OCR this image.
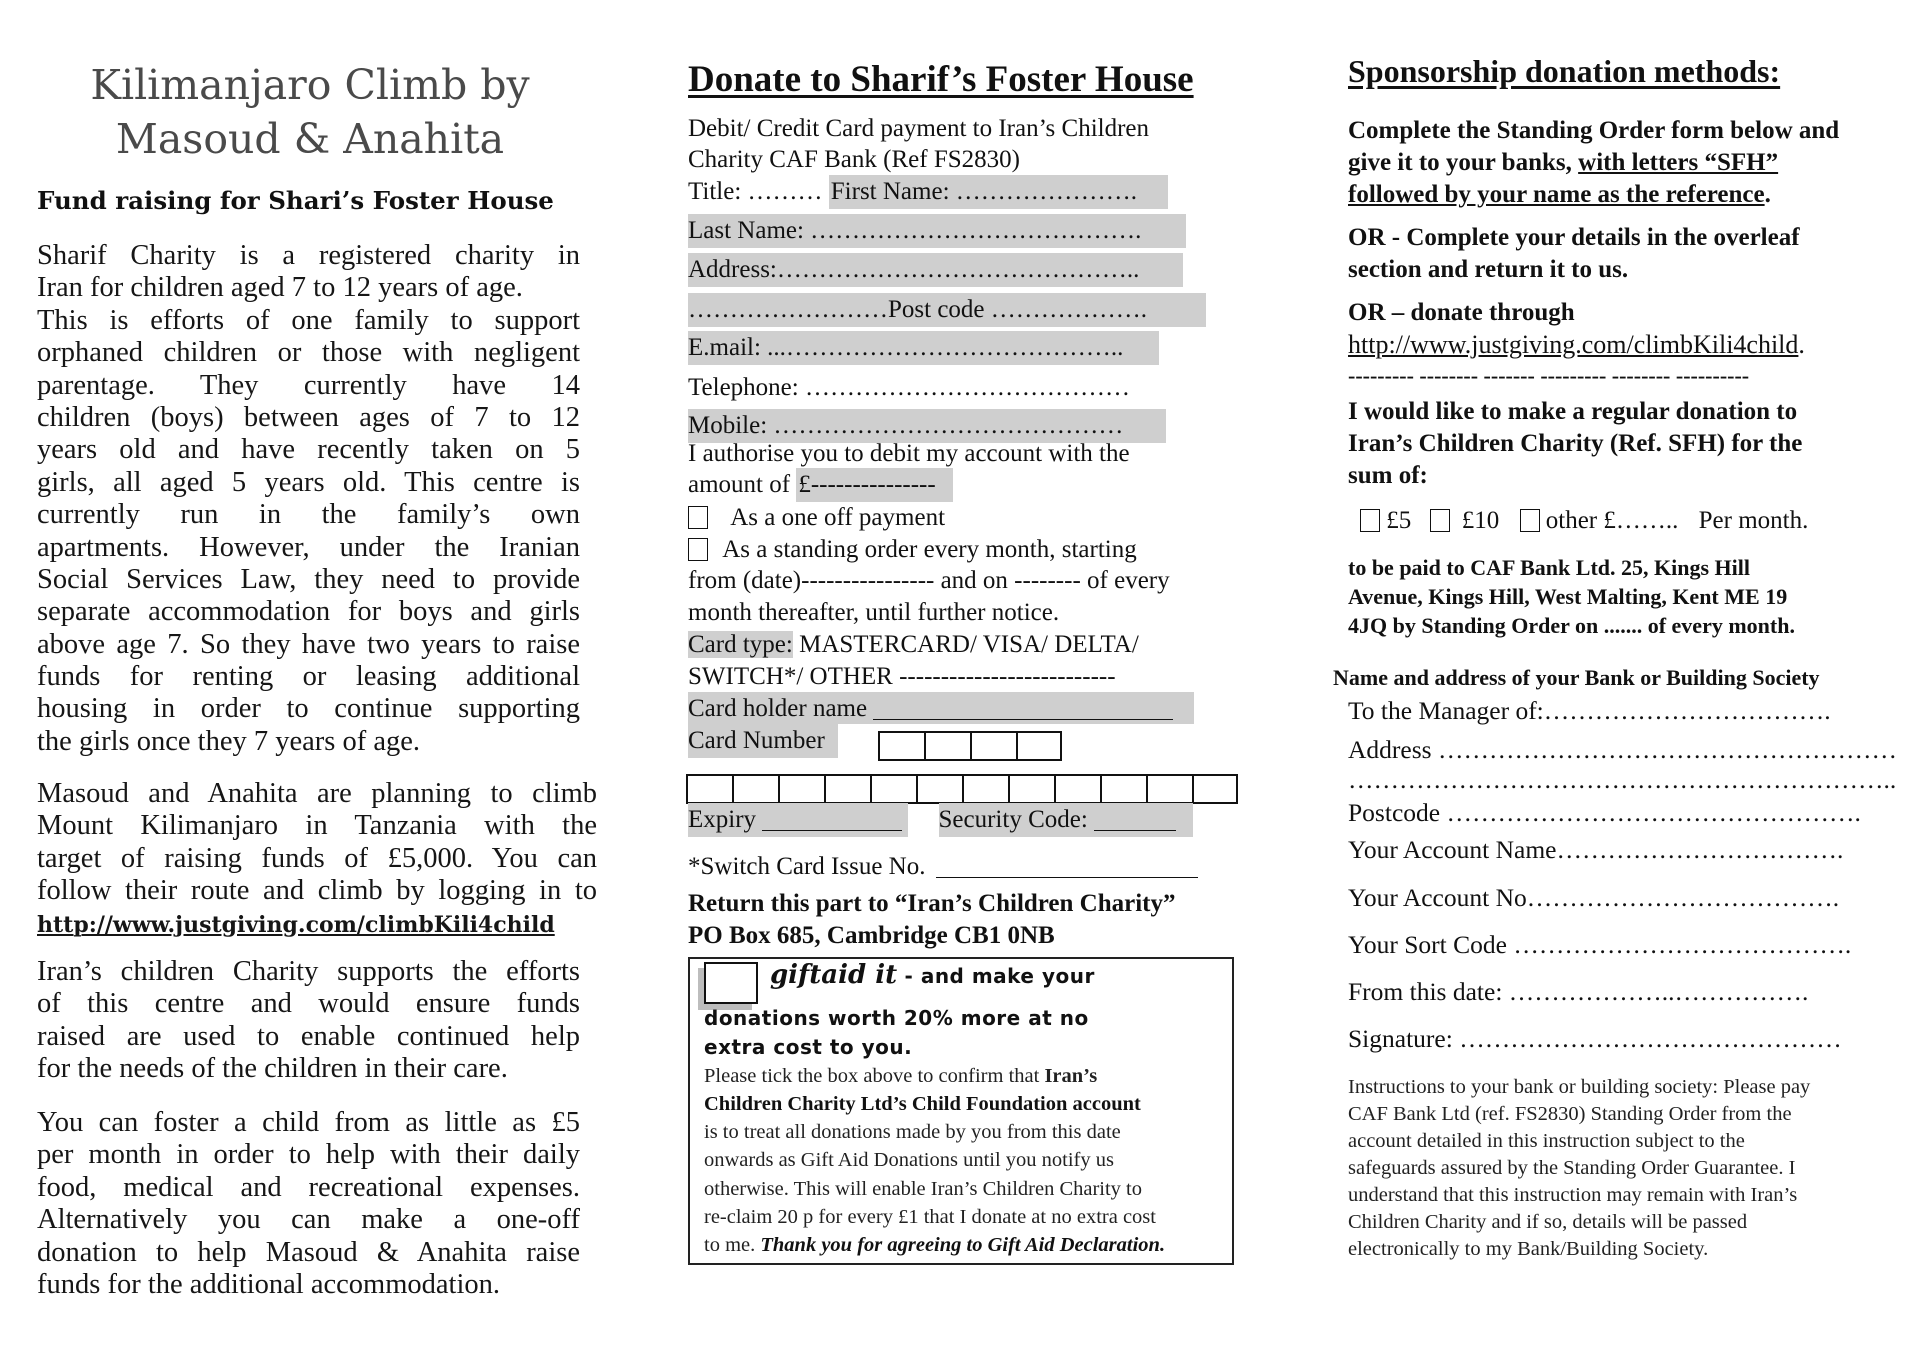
Kilimanjaro Climb by
Masoud & Anahita
Fund raising for Shari’s Foster House
Sharif Charity is a registered charity in
Iran for children aged 7 to 12 years of age.
This is efforts of one family to support
orphaned children or those with negligent
parentage. They currently have 14
children (boys) between ages of 7 to 12
years old and have recently taken on 5
girls, all aged 5 years old. This centre is
currently run in the family’s own
apartments. However, under the Iranian
Social Services Law, they need to provide
separate accommodation for boys and girls
above age 7. So they have two years to raise
funds for renting or leasing additional
housing in order to continue supporting
the girls once they 7 years of age.
Masoud and Anahita are planning to climb
Mount Kilimanjaro in Tanzania with the
target of raising funds of £5,000. You can
follow their route and climb by logging in to
http://www.justgiving.com/climbKili4child
Iran’s children Charity supports the efforts
of this centre and would ensure funds
raised are used to enable continued help
for the needs of the children in their care.
You can foster a child from as little as £5
per month in order to help with their daily
food, medical and recreational expenses.
Alternatively you can make a one-off
donation to help Masoud & Anahita raise
funds for the additional accommodation.
Donate to Sharif’s Foster House
Debit/ Credit Card payment to Iran’s Children
Charity CAF Bank (Ref FS2830)
Title: ……… First Name: ………………….
Last Name: ………………………………….
Address:……………………………………..
……………………Post code ……………….
E.mail: ...…………………………………..
Telephone: …………………………………
Mobile: ……………………………………
I authorise you to debit my account with the
amount of £---------------
As a one off payment
As a standing order every month, starting
from (date)---------------- and on -------- of every
month thereafter, until further notice.
Card type: MASTERCARD/ VISA/ DELTA/
SWITCH*/ OTHER --------------------------
Card holder name
Card Number
Expiry	Security Code:
*Switch Card Issue No.
Return this part to “Iran’s Children Charity”
PO Box 685, Cambridge CB1 0NB
giftaid it - and make your
donations worth 20% more at no
extra cost to you.
Please tick the box above to confirm that Iran’s
Children Charity Ltd’s Child Foundation account
is to treat all donations made by you from this date
onwards as Gift Aid Donations until you notify us
otherwise. This will enable Iran’s Children Charity to
re-claim 20 p for every £1 that I donate at no extra cost
to me. Thank you for agreeing to Gift Aid Declaration.
Sponsorship donation methods:
Complete the Standing Order form below and
give it to your banks, with letters “SFH”
followed by your name as the reference.
OR - Complete your details in the overleaf
section and return it to us.
OR – donate through
http://www.justgiving.com/climbKili4child.
--------- -------- ------- --------- -------- ----------
I would like to make a regular donation to
Iran’s Children Charity (Ref. SFH) for the
sum of:
£5 £10 other £…….. Per month.
to be paid to CAF Bank Ltd. 25, Kings Hill
Avenue, Kings Hill, West Malting, Kent ME 19
4JQ by Standing Order on ....... of every month.
Name and address of your Bank or Building Society
To the Manager of:…………………………….
Address ………………………………………………
………………………………………………………..
Postcode ………………………………………….
Your Account Name…………………………….
Your Account No……………………………….
Your Sort Code ………………………………….
From this date: ………………..…………….
Signature: ………………………………………
Instructions to your bank or building society: Please pay
CAF Bank Ltd (ref. FS2830) Standing Order from the
account detailed in this instruction subject to the
safeguards assured by the Standing Order Guarantee. I
understand that this instruction may remain with Iran’s
Children Charity and if so, details will be passed
electronically to my Bank/Building Society.
